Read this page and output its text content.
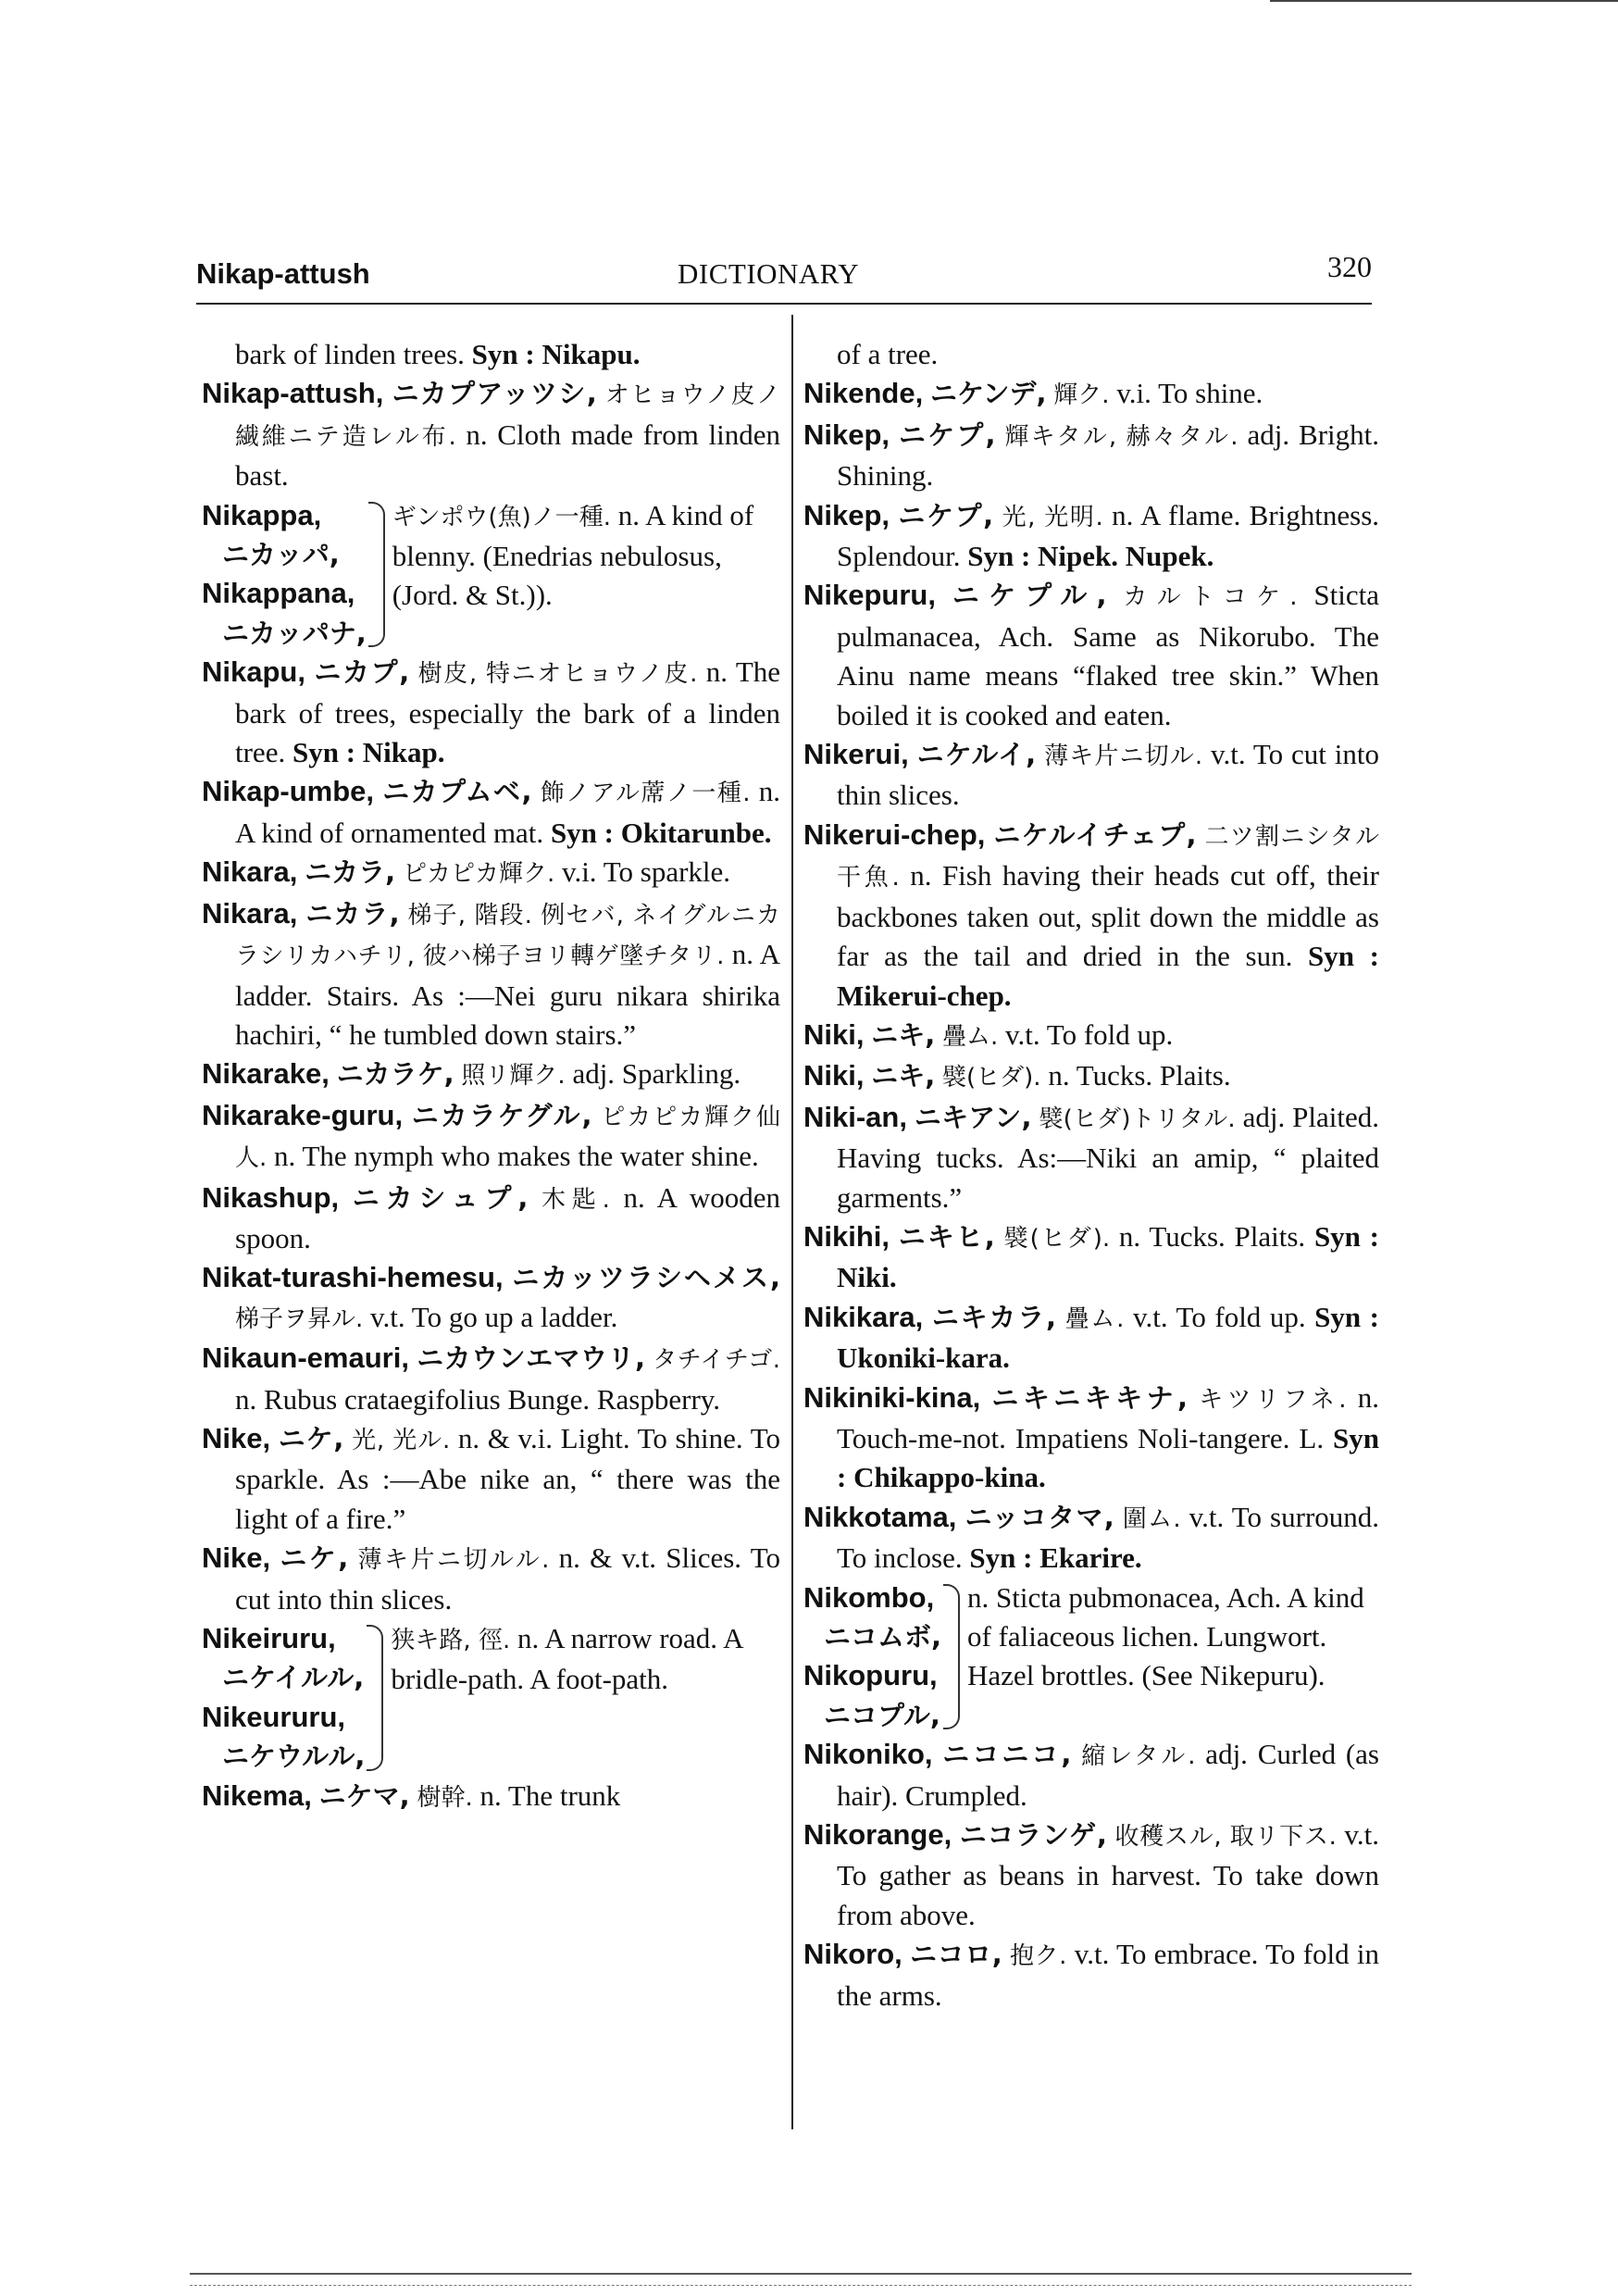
Nikap-attush	DICTIONARY	320

bark of linden trees. Syn : Nikapu.

Nikap-attush, ニカプアッツシ, オヒョウノ皮ノ繊維ニテ造レル布. n. Cloth made from linden bast.

Nikappa,
ニカッパ,
Nikappana,
ニカッパナ,
ギンポウ(魚)ノ一種. n. A kind of blenny. (Enedrias nebulosus, (Jord. & St.)).

Nikapu, ニカプ, 樹皮, 特ニオヒョウノ皮. n. The bark of trees, especially the bark of a linden tree. Syn : Nikap.

Nikap-umbe, ニカプムベ, 飾ノアル蓆ノ一種. n. A kind of ornamented mat. Syn : Okitarunbe.

Nikara, ニカラ, ピカピカ輝ク. v.i. To sparkle.

Nikara, ニカラ, 梯子, 階段. 例セバ, ネイグルニカラシリカハチリ, 彼ハ梯子ヨリ轉ゲ墜チタリ. n. A ladder. Stairs. As :—Nei guru nikara shirika hachiri, “ he tumbled down stairs.”

Nikarake, ニカラケ, 照リ輝ク. adj. Sparkling.

Nikarake-guru, ニカラケグル, ピカピカ輝ク仙人. n. The nymph who makes the water shine.

Nikashup, ニカシュプ, 木匙. n. A wooden spoon.

Nikat-turashi-hemesu, ニカッツラシヘメス, 梯子ヲ昇ル. v.t. To go up a ladder.

Nikaun-emauri, ニカウンエマウリ, タチイチゴ. n. Rubus crataegifolius Bunge. Raspberry.

Nike, ニケ, 光, 光ル. n. & v.i. Light. To shine. To sparkle. As :—Abe nike an, “ there was the light of a fire.”

Nike, ニケ, 薄キ片ニ切ルル. n. & v.t. Slices. To cut into thin slices.

Nikeiruru,
ニケイルル,
Nikeururu,
ニケウルル,
狭キ路, 徑. n. A narrow road. A bridle-path. A foot-path.

Nikema, ニケマ, 樹幹. n. The trunk

of a tree.

Nikende, ニケンデ, 輝ク. v.i. To shine.

Nikep, ニケプ, 輝キタル, 赫々タル. adj. Bright. Shining.

Nikep, ニケプ, 光, 光明. n. A flame. Brightness. Splendour. Syn : Nipek. Nupek.

Nikepuru, ニケプル, カルトコケ. Sticta pulmanacea, Ach. Same as Nikorubo. The Ainu name means “flaked tree skin.” When boiled it is cooked and eaten.

Nikerui, ニケルイ, 薄キ片ニ切ル. v.t. To cut into thin slices.

Nikerui-chep, ニケルイチェプ, 二ツ割ニシタル干魚. n. Fish having their heads cut off, their backbones taken out, split down the middle as far as the tail and dried in the sun. Syn : Mikerui-chep.

Niki, ニキ, 疊ム. v.t. To fold up.

Niki, ニキ, 襞(ヒダ). n. Tucks. Plaits.

Niki-an, ニキアン, 襞(ヒダ)トリタル. adj. Plaited. Having tucks. As:—Niki an amip, “ plaited garments.”

Nikihi, ニキヒ, 襞(ヒダ). n. Tucks. Plaits. Syn : Niki.

Nikikara, ニキカラ, 疊ム. v.t. To fold up. Syn : Ukoniki-kara.

Nikiniki-kina, ニキニキキナ, キツリフネ. n. Touch-me-not. Impatiens Noli-tangere. L. Syn : Chikappo-kina.

Nikkotama, ニッコタマ, 圍ム. v.t. To surround. To inclose. Syn : Ekarire.

Nikombo,
ニコムボ,
Nikopuru,
ニコプル,
n. Sticta pubmonacea, Ach. A kind of faliaceous lichen. Lungwort. Hazel brottles. (See Nikepuru).

Nikoniko, ニコニコ, 縮レタル. adj. Curled (as hair). Crumpled.

Nikorange, ニコランゲ, 收穫スル, 取リ下ス. v.t. To gather as beans in harvest. To take down from above.

Nikoro, ニコロ, 抱ク. v.t. To embrace. To fold in the arms.
